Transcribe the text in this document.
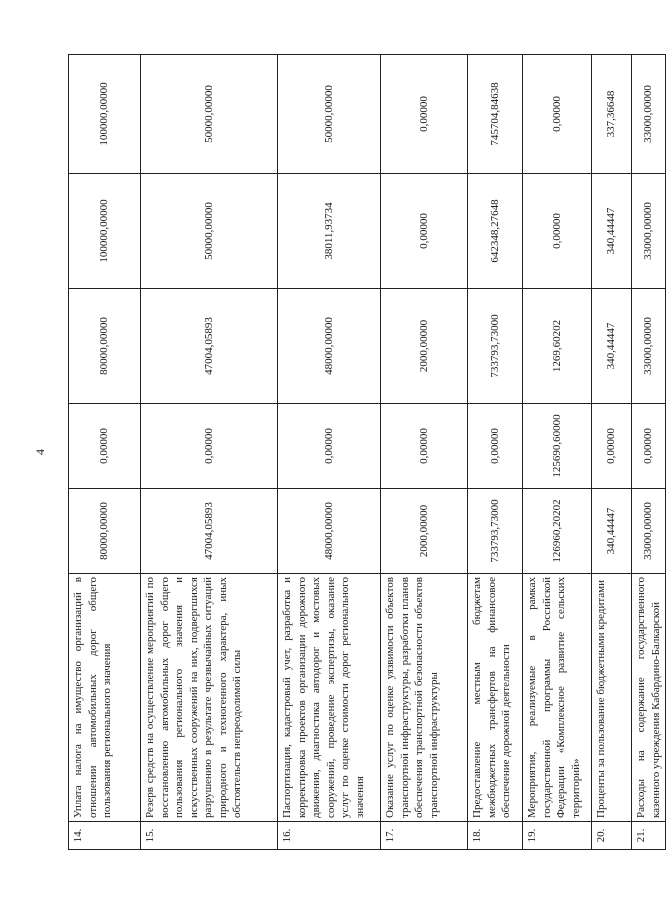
4
14.	Уплата налога на имущество организаций в отношении автомобильных дорог общего пользования регионального значения	80000,00000	0,00000	80000,00000	100000,00000	100000,00000
15.	Резерв средств на осуществление мероприятий по восстановлению автомобильных дорог общего пользования регионального значения и искусственных сооружений на них, подвергшихся разрушению в результате чрезвычайных ситуаций природного и техногенного характера, иных обстоятельств непреодолимой силы	47004,05893	0,00000	47004,05893	50000,00000	50000,00000
16.	Паспортизация, кадастровый учет, разработка и корректировка проектов организации дорожного движения, диагностика автодорог и мостовых сооружений, проведение экспертизы, оказание услуг по оценке стоимости дорог регионального значения	48000,00000	0,00000	48000,00000	38011,93734	50000,00000
17.	Оказание услуг по оценке уязвимости объектов транспортной инфраструктуры, разработки планов обеспечения транспортной безопасности объектов транспортной инфраструктуры	2000,00000	0,00000	2000,00000	0,00000	0,00000
18.	Предоставление местным бюджетам межбюджетных трансфертов на финансовое обеспечение дорожной деятельности	733793,73000	0,00000	733793,73000	642348,27648	745704,84638
19.	Мероприятия, реализуемые в рамках государственной программы Российской Федерации «Комплексное развитие сельских территорий»	126960,20202	125690,60000	1269,60202	0,00000	0,00000
20.	Проценты за пользование бюджетными кредитами	340,44447	0,00000	340,44447	340,44447	337,36648
21.	Расходы на содержание государственного казенного учреждения Кабардино-Балкарской	33000,00000	0,00000	33000,00000	33000,00000	33000,00000
